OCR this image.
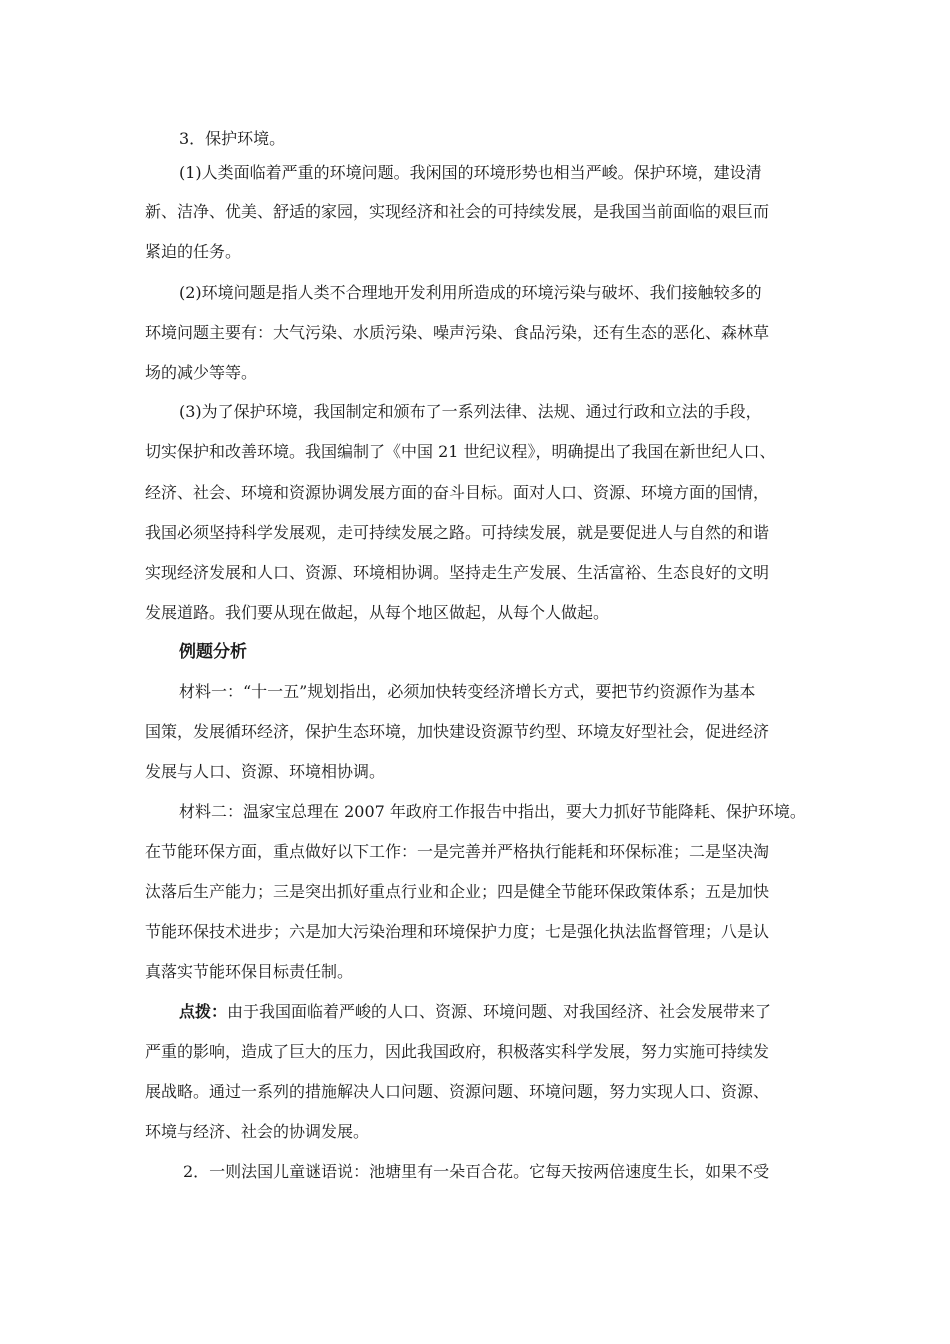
3．保护环境。
(1)人类面临着严重的环境问题。我闲国的环境形势也相当严峻。保护环境，建设清
新、洁净、优美、舒适的家园，实现经济和社会的可持续发展，是我国当前面临的艰巨而
紧迫的任务。
(2)环境问题是指人类不合理地开发利用所造成的环境污染与破坏、我们接触较多的
环境问题主要有：大气污染、水质污染、噪声污染、食品污染，还有生态的恶化、森林草
场的减少等等。
(3)为了保护环境，我国制定和颁布了一系列法律、法规、通过行政和立法的手段，
切实保护和改善环境。我国编制了《中国 21 世纪议程》，明确提出了我国在新世纪人口、
经济、社会、环境和资源协调发展方面的奋斗目标。面对人口、资源、环境方面的国情，
我国必须坚持科学发展观，走可持续发展之路。可持续发展，就是要促进人与自然的和谐
实现经济发展和人口、资源、环境相协调。坚持走生产发展、生活富裕、生态良好的文明
发展道路。我们要从现在做起，从每个地区做起，从每个人做起。
例题分析
材料一：“十一五”规划指出，必须加快转变经济增长方式，要把节约资源作为基本
国策，发展循环经济，保护生态环境，加快建设资源节约型、环境友好型社会，促进经济
发展与人口、资源、环境相协调。
材料二：温家宝总理在 2007 年政府工作报告中指出，要大力抓好节能降耗、保护环境。
在节能环保方面，重点做好以下工作：一是完善并严格执行能耗和环保标准；二是坚决淘
汰落后生产能力；三是突出抓好重点行业和企业；四是健全节能环保政策体系；五是加快
节能环保技术进步；六是加大污染治理和环境保护力度；七是强化执法监督管理；八是认
真落实节能环保目标责任制。
点拨：由于我国面临着严峻的人口、资源、环境问题、对我国经济、社会发展带来了
严重的影响，造成了巨大的压力，因此我国政府，积极落实科学发展，努力实施可持续发
展战略。通过一系列的措施解决人口问题、资源问题、环境问题，努力实现人口、资源、
环境与经济、社会的协调发展。
2．一则法国儿童谜语说：池塘里有一朵百合花。它每天按两倍速度生长，如果不受
